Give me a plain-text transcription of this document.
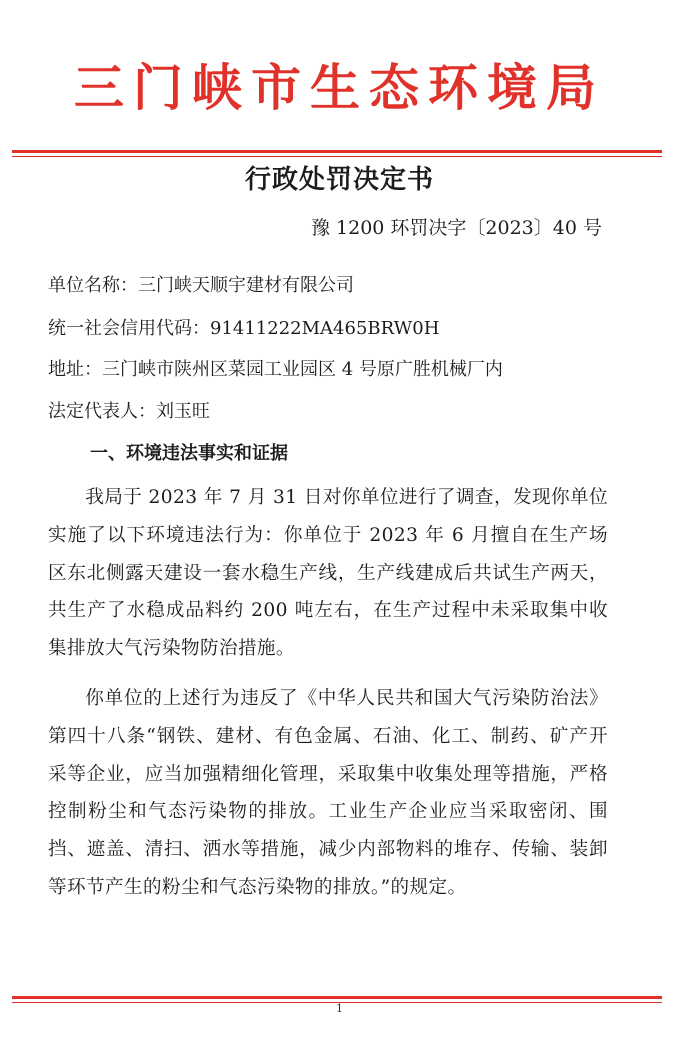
三门峡市生态环境局
行政处罚决定书
豫 1200 环罚决字〔2023〕40 号
单位名称：三门峡天顺宇建材有限公司
统一社会信用代码：91411222MA465BRW0H
地址：三门峡市陕州区菜园工业园区 4 号原广胜机械厂内
法定代表人：刘玉旺
一、环境违法事实和证据

我局于 2023 年 7 月 31 日对你单位进行了调查，发现你单位实施了以下环境违法行为：你单位于 2023 年 6 月擅自在生产场区东北侧露天建设一套水稳生产线，生产线建成后共试生产两天，共生产了水稳成品料约 200 吨左右，在生产过程中未采取集中收集排放大气污染物防治措施。

你单位的上述行为违反了《中华人民共和国大气污染防治法》第四十八条“钢铁、建材、有色金属、石油、化工、制药、矿产开采等企业，应当加强精细化管理，采取集中收集处理等措施，严格控制粉尘和气态污染物的排放。工业生产企业应当采取密闭、围挡、遮盖、清扫、洒水等措施，减少内部物料的堆存、传输、装卸等环节产生的粉尘和气态污染物的排放。”的规定。

1
